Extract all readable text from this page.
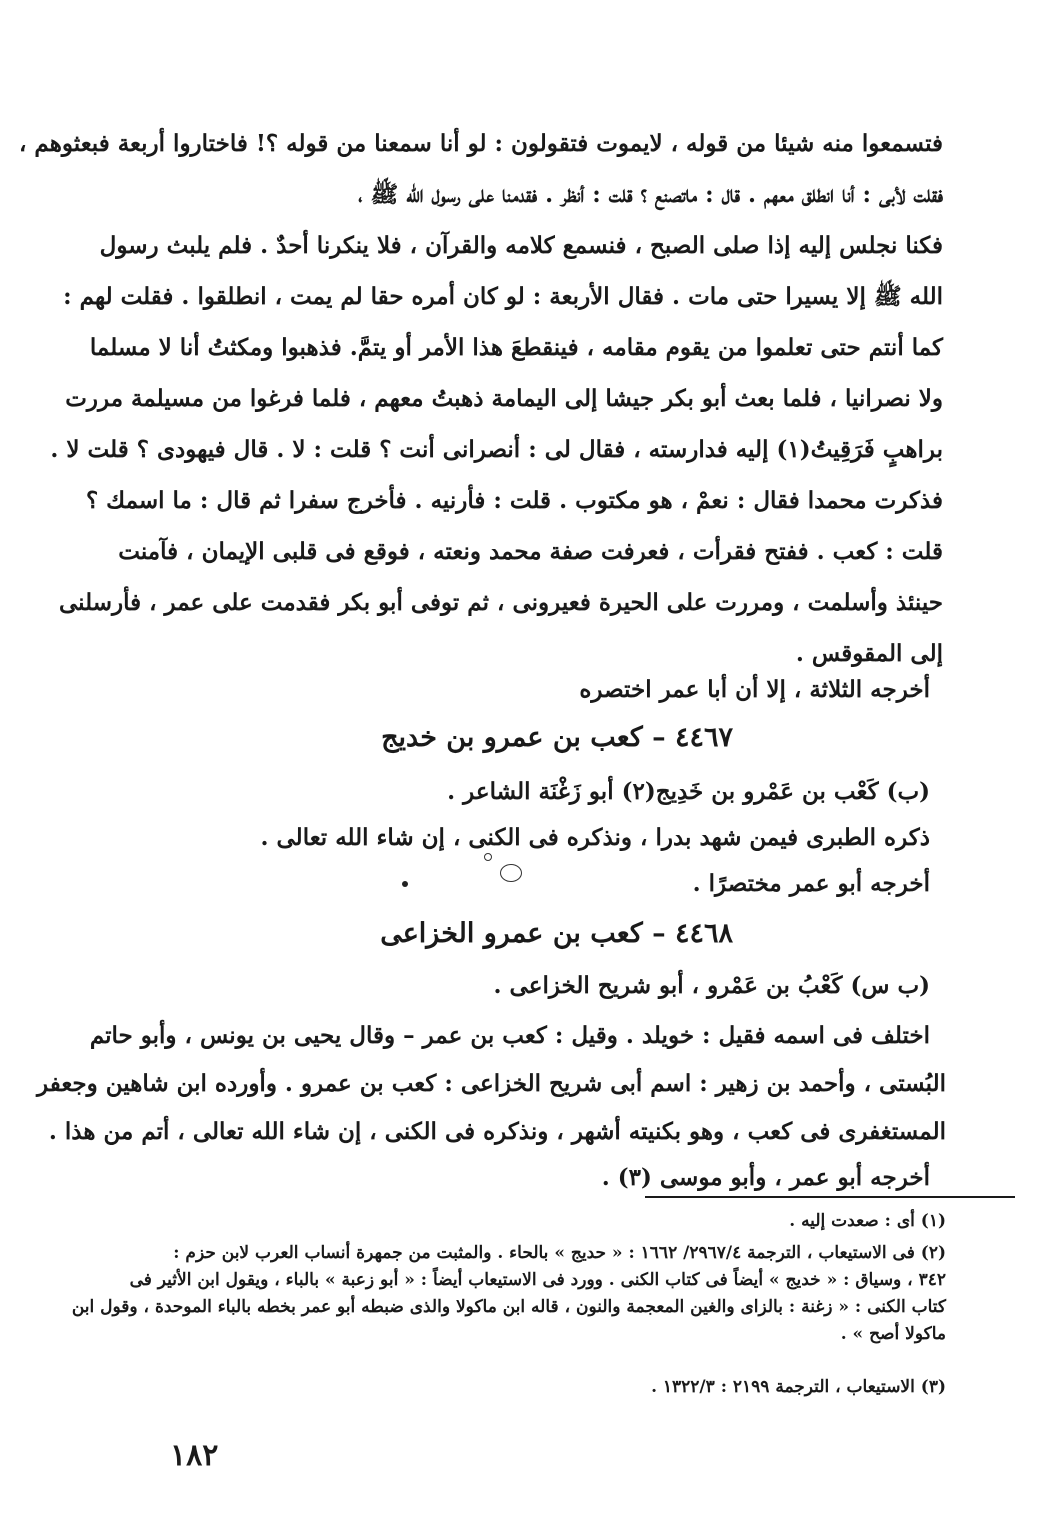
فتسمعوا منه شيئا من قوله ، لايموت فتقولون : لو أنا سمعنا من قوله ؟! فاختاروا أربعة فبعثوهم ،
فقلت لأبى : أنا انطلق معهم . قال : ماتصنع ؟ قلت : أنظر . فقدمنا على رسول الله ﷺ ،
فكنا نجلس إليه إذا صلى الصبح ، فنسمع كلامه والقرآن ، فلا ينكرنا أحدٌ . فلم يلبث رسول
الله ﷺ إلا يسيرا حتى مات . فقال الأربعة : لو كان أمره حقا لم يمت ، انطلقوا . فقلت لهم :
كما أنتم حتى تعلموا من يقوم مقامه ، فينقطعَ هذا الأمر أو يتمَّ. فذهبوا ومكثتُ أنا لا مسلما
ولا نصرانيا ، فلما بعث أبو بكر جيشا إلى اليمامة ذهبتُ معهم ، فلما فرغوا من مسيلمة مررت
براهبٍ فَرَقِيتُ(١) إليه فدارسته ، فقال لى : أنصرانى أنت ؟ قلت : لا . قال فيهودى ؟ قلت لا .
فذكرت محمدا فقال : نعمْ ، هو مكتوب . قلت : فأرنيه . فأخرج سفرا ثم قال : ما اسمك ؟
قلت : كعب . ففتح فقرأت ، فعرفت صفة محمد ونعته ، فوقع فى قلبى الإيمان ، فآمنت
حينئذ وأسلمت ، ومررت على الحيرة فعيرونى ، ثم توفى أبو بكر فقدمت على عمر ، فأرسلنى
إلى المقوقس .
أخرجه الثلاثة ، إلا أن أبا عمر اختصره
٤٤٦٧ – كعب بن عمرو بن خديج
(ب) كَعْب بن عَمْرو بن خَدِيج(٢) أبو زَغْنَة الشاعر .
ذكره الطبرى فيمن شهد بدرا ، ونذكره فى الكنى ، إن شاء الله تعالى .
أخرجه أبو عمر مختصرًا .
٤٤٦٨ – كعب بن عمرو الخزاعى
(ب س) كَعْبُ بن عَمْرو ، أبو شريح الخزاعى .
اختلف فى اسمه فقيل : خويلد . وقيل : كعب بن عمر – وقال يحيى بن يونس ، وأبو حاتم
البُستى ، وأحمد بن زهير : اسم أبى شريح الخزاعى : كعب بن عمرو . وأورده ابن شاهين وجعفر
المستغفرى فى كعب ، وهو بكنيته أشهر ، ونذكره فى الكنى ، إن شاء الله تعالى ، أتم من هذا .
أخرجه أبو عمر ، وأبو موسى (٣) .
(١) أى : صعدت إليه .
(٢) فى الاستيعاب ، الترجمة ٢٩٦٧/٤/ ١٦٦٢ : « حديج » بالحاء . والمثبت من جمهرة أنساب العرب لابن حزم :
٣٤٢ ، وسياق : « خديج » أيضاً فى كتاب الكنى . وورد فى الاستيعاب أيضاً : « أبو زعبة » بالباء ، ويقول ابن الأثير فى
كتاب الكنى : « زغنة : بالزاى والغين المعجمة والنون ، قاله ابن ماكولا والذى ضبطه أبو عمر بخطه بالباء الموحدة ، وقول ابن
ماكولا أصح » .
(٣) الاستيعاب ، الترجمة ٢١٩٩ : ١٣٢٢/٣ .
١٨٢
